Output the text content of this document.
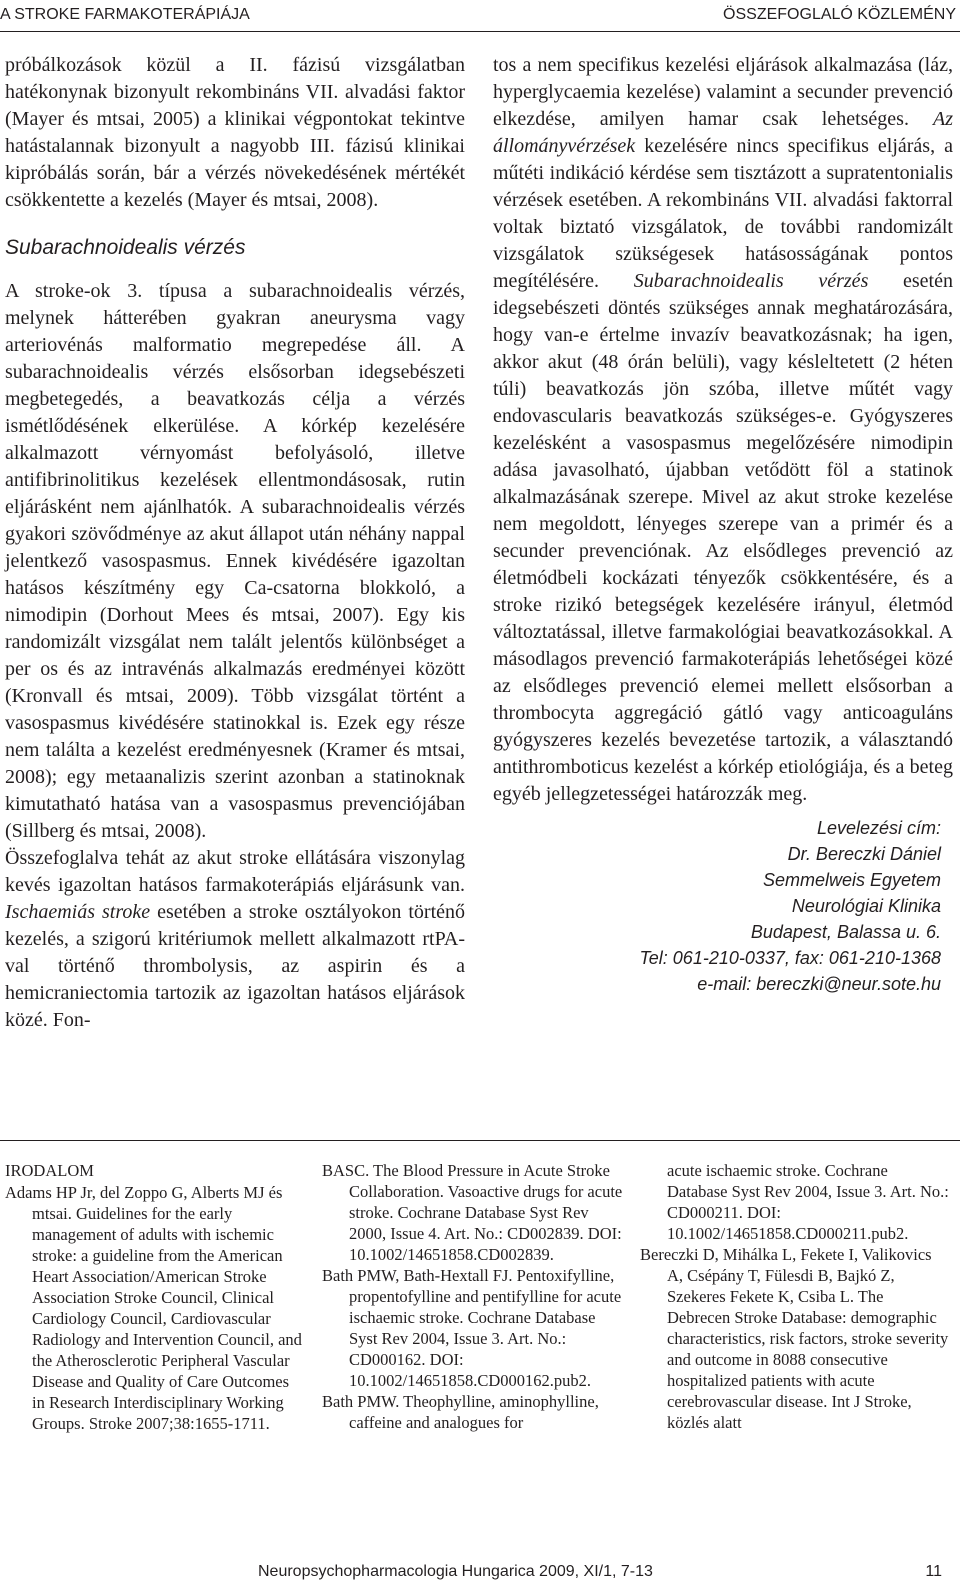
A STROKE FARMAKOTERÁPIÁJA	ÖSSZEFOGLALÓ KÖZLEMÉNY

próbálkozások közül a II. fázisú vizsgálatban hatékonynak bizonyult rekombináns VII. alvadási faktor (Mayer és mtsai, 2005) a klinikai végpontokat tekintve hatástalannak bizonyult a nagyobb III. fázisú klinikai kipróbálás során, bár a vérzés növekedésének mértékét csökkentette a kezelés (Mayer és mtsai, 2008).

Subarachnoidealis vérzés

A stroke-ok 3. típusa a subarachnoidealis vérzés, melynek hátterében gyakran aneurysma vagy arteriovénás malformatio megrepedése áll. A subarachnoidealis vérzés elsősorban idegsebészeti megbetegedés, a beavatkozás célja a vérzés ismétlődésének elkerülése. A kórkép kezelésére alkalmazott vérnyomást befolyásoló, illetve antifibrinolitikus kezelések ellentmondásosak, rutin eljárásként nem ajánlhatók. A subarachnoidealis vérzés gyakori szövődménye az akut állapot után néhány nappal jelentkező vasospasmus. Ennek kivédésére igazoltan hatásos készítmény egy Ca-csatorna blokkoló, a nimodipin (Dorhout Mees és mtsai, 2007). Egy kis randomizált vizsgálat nem talált jelentős különbséget a per os és az intravénás alkalmazás eredményei között (Kronvall és mtsai, 2009). Több vizsgálat történt a vasospasmus kivédésére statinokkal is. Ezek egy része nem találta a kezelést eredményesnek (Kramer és mtsai, 2008); egy metaanalizis szerint azonban a statinoknak kimutatható hatása van a vasospasmus prevenciójában (Sillberg és mtsai, 2008).

Összefoglalva tehát az akut stroke ellátására viszonylag kevés igazoltan hatásos farmakoterápiás eljárásunk van. Ischaemiás stroke esetében a stroke osztályokon történő kezelés, a szigorú kritériumok mellett alkalmazott rtPA-val történő thrombolysis, az aspirin és a hemicraniectomia tartozik az igazoltan hatásos eljárások közé. Fon-

tos a nem specifikus kezelési eljárások alkalmazása (láz, hyperglycaemia kezelése) valamint a secunder prevenció elkezdése, amilyen hamar csak lehetséges. Az állományvérzések kezelésére nincs specifikus eljárás, a műtéti indikáció kérdése sem tisztázott a supratentonialis vérzések esetében. A rekombináns VII. alvadási faktorral voltak biztató vizsgálatok, de további randomizált vizsgálatok szükségesek hatásosságának pontos megítélésére. Subarachnoidealis vérzés esetén idegsebészeti döntés szükséges annak meghatározására, hogy van-e értelme invazív beavatkozásnak; ha igen, akkor akut (48 órán belüli), vagy késleltetett (2 héten túli) beavatkozás jön szóba, illetve műtét vagy endovascularis beavatkozás szükséges-e. Gyógyszeres kezelésként a vasospasmus megelőzésére nimodipin adása javasolható, újabban vetődött föl a statinok alkalmazásának szerepe. Mivel az akut stroke kezelése nem megoldott, lényeges szerepe van a primér és a secunder prevenciónak. Az elsődleges prevenció az életmódbeli kockázati tényezők csökkentésére, és a stroke rizikó betegségek kezelésére irányul, életmód változtatással, illetve farmakológiai beavatkozásokkal. A másodlagos prevenció farmakoterápiás lehetőségei közé az elsődleges prevenció elemei mellett elsősorban a thrombocyta aggregáció gátló vagy anticoaguláns gyógyszeres kezelés bevezetése tartozik, a választandó antithromboticus kezelést a kórkép etiológiája, és a beteg egyéb jellegzetességei határozzák meg.

Levelezési cím:
Dr. Bereczki Dániel
Semmelweis Egyetem
Neurológiai Klinika
Budapest, Balassa u. 6.
Tel: 061-210-0337, fax: 061-210-1368
e-mail: bereczki@neur.sote.hu
IRODALOM

Adams HP Jr, del Zoppo G, Alberts MJ és mtsai. Guidelines for the early management of adults with ischemic stroke: a guideline from the American Heart Association/American Stroke Association Stroke Council, Clinical Cardiology Council, Cardiovascular Radiology and Intervention Council, and the Atherosclerotic Peripheral Vascular Disease and Quality of Care Outcomes in Research Interdisciplinary Working Groups. Stroke 2007;38:1655-1711.

BASC. The Blood Pressure in Acute Stroke Collaboration. Vasoactive drugs for acute stroke. Cochrane Database Syst Rev 2000, Issue 4. Art. No.: CD002839. DOI: 10.1002/14651858.CD002839.

Bath PMW, Bath-Hextall FJ. Pentoxifylline, propentofylline and pentifylline for acute ischaemic stroke. Cochrane Database Syst Rev 2004, Issue 3. Art. No.: CD000162. DOI: 10.1002/14651858.CD000162.pub2.

Bath PMW. Theophylline, aminophylline, caffeine and analogues for

acute ischaemic stroke. Cochrane Database Syst Rev 2004, Issue 3. Art. No.: CD000211. DOI: 10.1002/14651858.CD000211.pub2.

Bereczki D, Mihálka L, Fekete I, Valikovics A, Csépány T, Fülesdi B, Bajkó Z, Szekeres Fekete K, Csiba L. The Debrecen Stroke Database: demographic characteristics, risk factors, stroke severity and outcome in 8088 consecutive hospitalized patients with acute cerebrovascular disease. Int J Stroke, közlés alatt

Neuropsychopharmacologia Hungarica 2009, XI/1, 7-13	11
